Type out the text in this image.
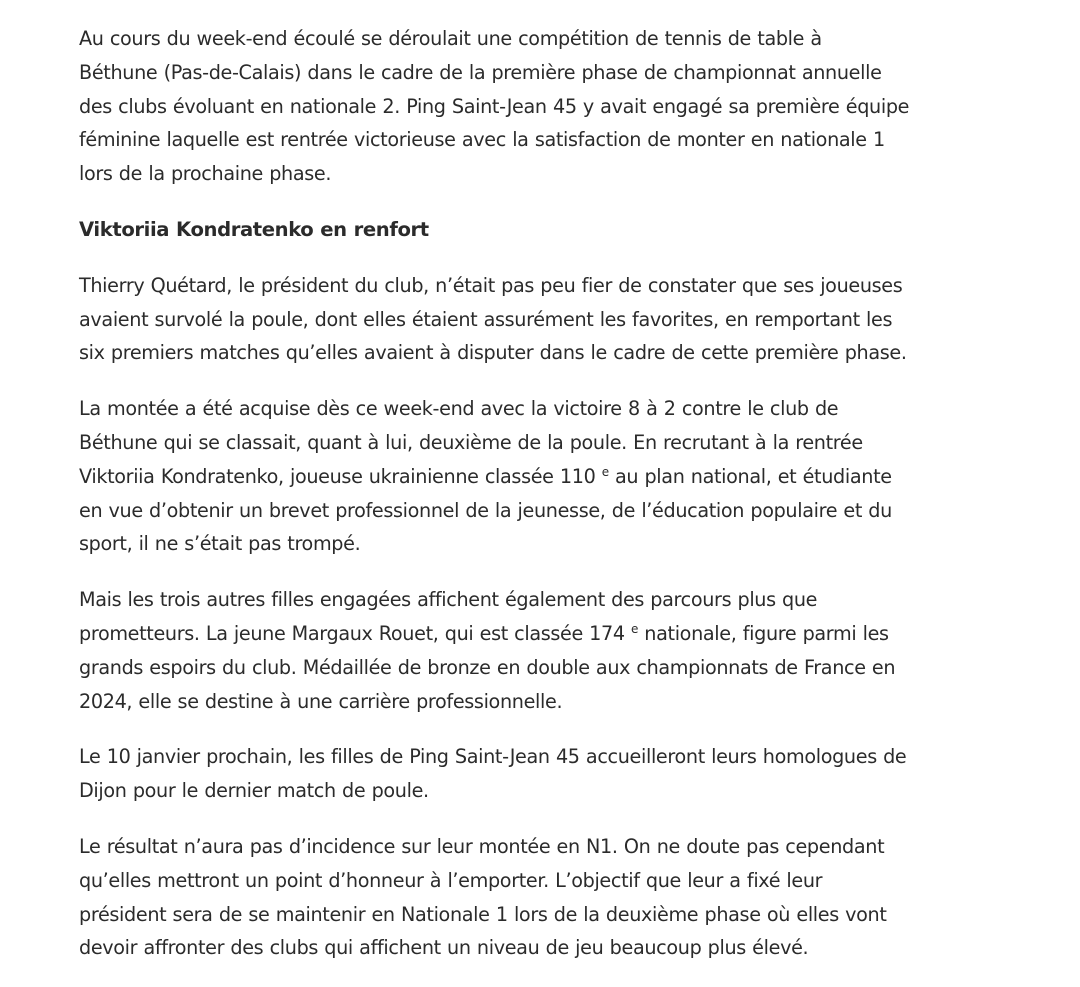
Au cours du week-end écoulé se déroulait une compétition de tennis de table à
Béthune (Pas-de-Calais) dans le cadre de la première phase de championnat annuelle
des clubs évoluant en nationale 2. Ping Saint-Jean 45 y avait engagé sa première équipe
féminine laquelle est rentrée victorieuse avec la satisfaction de monter en nationale 1
lors de la prochaine phase.

Viktoriia Kondratenko en renfort

Thierry Quétard, le président du club, n’était pas peu fier de constater que ses joueuses
avaient survolé la poule, dont elles étaient assurément les favorites, en remportant les
six premiers matches qu’elles avaient à disputer dans le cadre de cette première phase.

La montée a été acquise dès ce week-end avec la victoire 8 à 2 contre le club de
Béthune qui se classait, quant à lui, deuxième de la poule. En recrutant à la rentrée
Viktoriia Kondratenko, joueuse ukrainienne classée 110 $^e$ au plan national, et étudiante
en vue d’obtenir un brevet professionnel de la jeunesse, de l’éducation populaire et du
sport, il ne s’était pas trompé.

Mais les trois autres filles engagées affichent également des parcours plus que
prometteurs. La jeune Margaux Rouet, qui est classée 174 $^e$ nationale, figure parmi les
grands espoirs du club. Médaillée de bronze en double aux championnats de France en
2024, elle se destine à une carrière professionnelle.

Le 10 janvier prochain, les filles de Ping Saint-Jean 45 accueilleront leurs homologues de
Dijon pour le dernier match de poule.

Le résultat n’aura pas d’incidence sur leur montée en N1. On ne doute pas cependant
qu’elles mettront un point d’honneur à l’emporter. L’objectif que leur a fixé leur
président sera de se maintenir en Nationale 1 lors de la deuxième phase où elles vont
devoir affronter des clubs qui affichent un niveau de jeu beaucoup plus élevé.
